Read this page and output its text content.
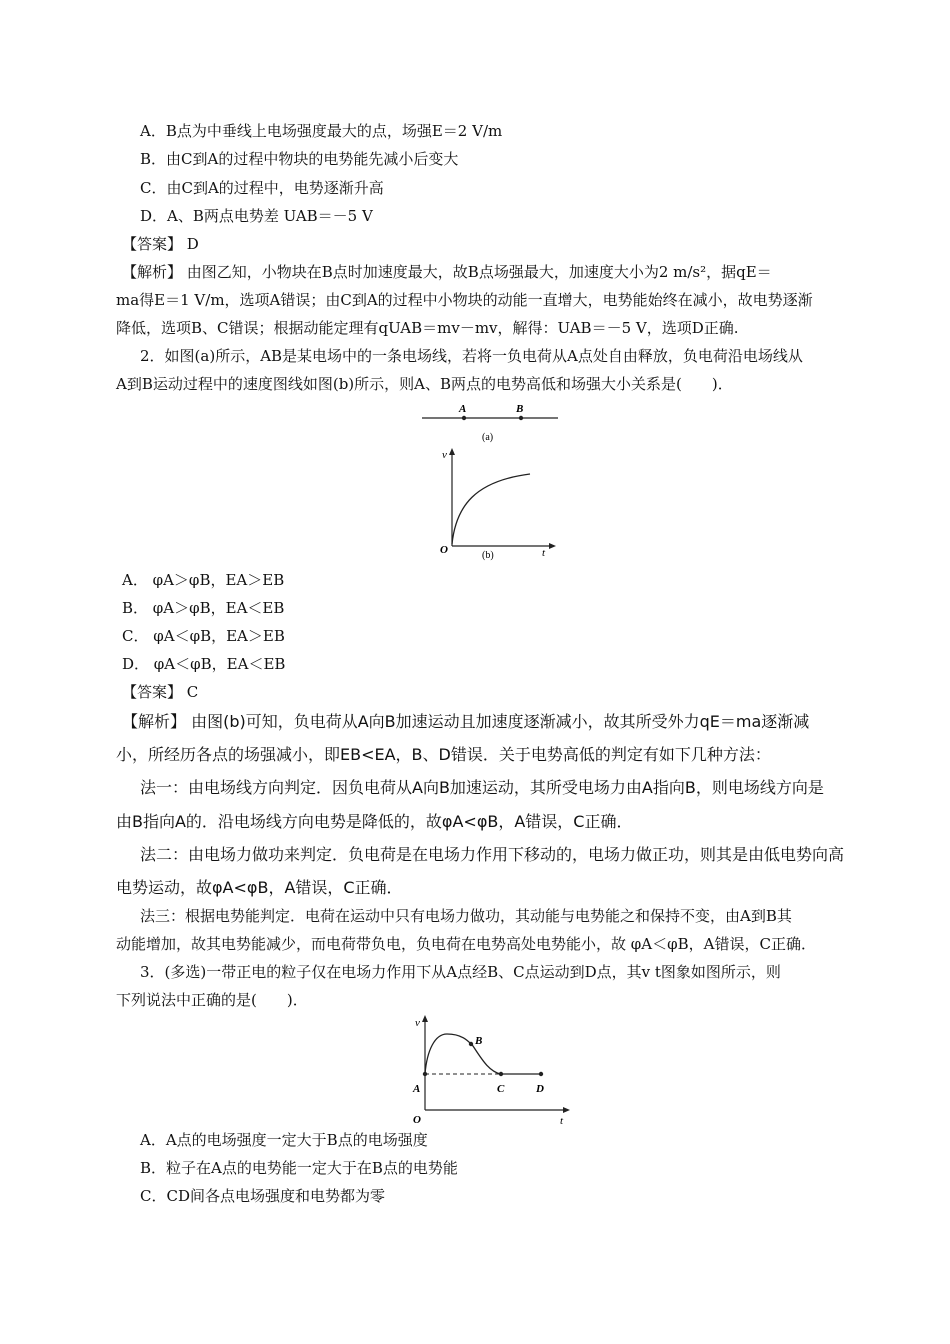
A．B点为中垂线上电场强度最大的点，场强E＝2 V/m
B．由C到A的过程中物块的电势能先减小后变大
C．由C到A的过程中，电势逐渐升高
D．A、B两点电势差 UAB＝－5 V
【答案】 D
【解析】 由图乙知，小物块在B点时加速度最大，故B点场强最大，加速度大小为2 m/s²，据qE＝
ma得E＝1 V/m，选项A错误；由C到A的过程中小物块的动能一直增大，电势能始终在减小，故电势逐渐
降低，选项B、C错误；根据动能定理有qUAB＝mv－mv，解得：UAB＝－5 V，选项D正确.
2．如图(a)所示，AB是某电场中的一条电场线，若将一负电荷从A点处自由释放，负电荷沿电场线从
A到B运动过程中的速度图线如图(b)所示，则A、B两点的电势高低和场强大小关系是(　　)．
A	B
(a)
v
t
O	(b)
A． φA＞φB，EA＞EB
B． φA＞φB，EA＜EB
C． φA＜φB，EA＞EB
D． φA＜φB，EA＜EB
【答案】 C
【解析】 由图(b)可知，负电荷从A向B加速运动且加速度逐渐减小，故其所受外力qE＝ma逐渐减
小，所经历各点的场强减小，即EB<EA，B、D错误．关于电势高低的判定有如下几种方法：
法一：由电场线方向判定．因负电荷从A向B加速运动，其所受电场力由A指向B，则电场线方向是
由B指向A的．沿电场线方向电势是降低的，故φA<φB，A错误，C正确．
法二：由电场力做功来判定．负电荷是在电场力作用下移动的，电场力做正功，则其是由低电势向高
电势运动，故φA<φB，A错误，C正确．
法三：根据电势能判定．电荷在运动中只有电场力做功，其动能与电势能之和保持不变，由A到B其
动能增加，故其电势能减少，而电荷带负电，负电荷在电势高处电势能小，故 φA＜φB，A错误，C正确．
3．(多选)一带正电的粒子仅在电场力作用下从A点经B、C点运动到D点，其v t图象如图所示，则
下列说法中正确的是(　　)．
v
t
O
A
B
C	D
A．A点的电场强度一定大于B点的电场强度
B．粒子在A点的电势能一定大于在B点的电势能
C．CD间各点电场强度和电势都为零
